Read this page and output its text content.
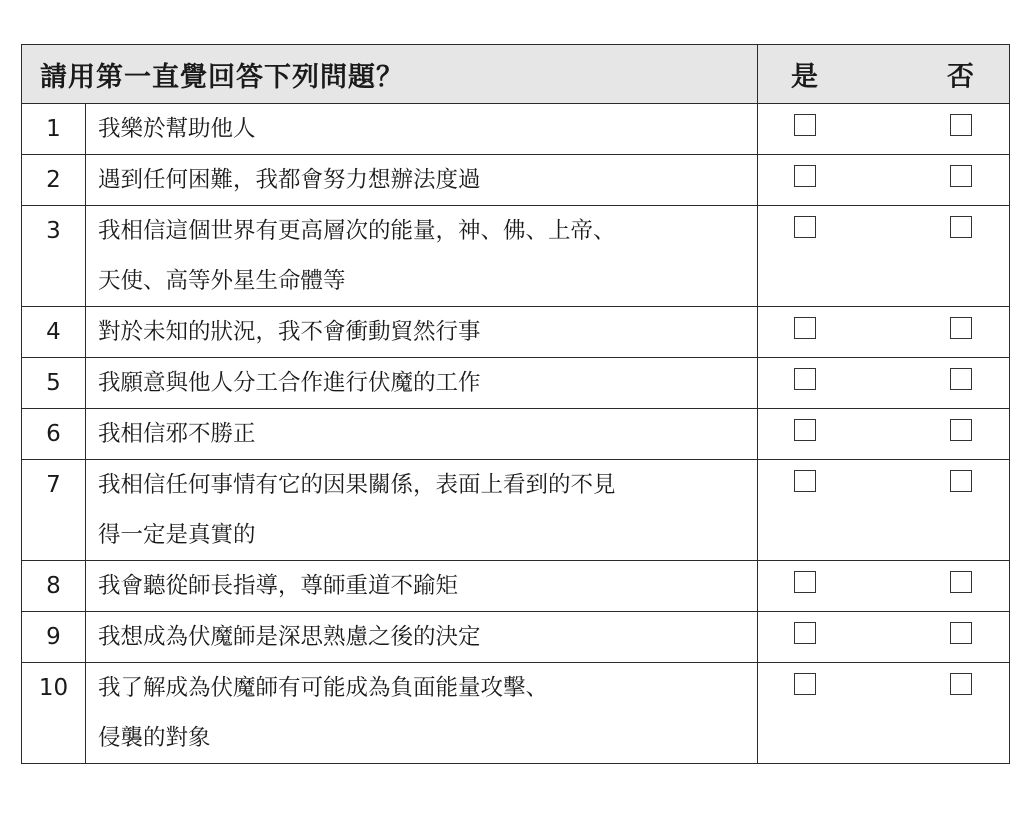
請用第一直覺回答下列問題？		是 否

1	我樂於幫助他人	

2	遇到任何困難，我都會努力想辦法度過	

3	我相信這個世界有更高層次的能量，神、佛、上帝、
天使、高等外星生命體等	

4	對於未知的狀況，我不會衝動貿然行事	

5	我願意與他人分工合作進行伏魔的工作	

6	我相信邪不勝正	

7	我相信任何事情有它的因果關係，表面上看到的不見
得一定是真實的	

8	我會聽從師長指導，尊師重道不踰矩	

9	我想成為伏魔師是深思熟慮之後的決定	

10	我了解成為伏魔師有可能成為負面能量攻擊、
侵襲的對象	
